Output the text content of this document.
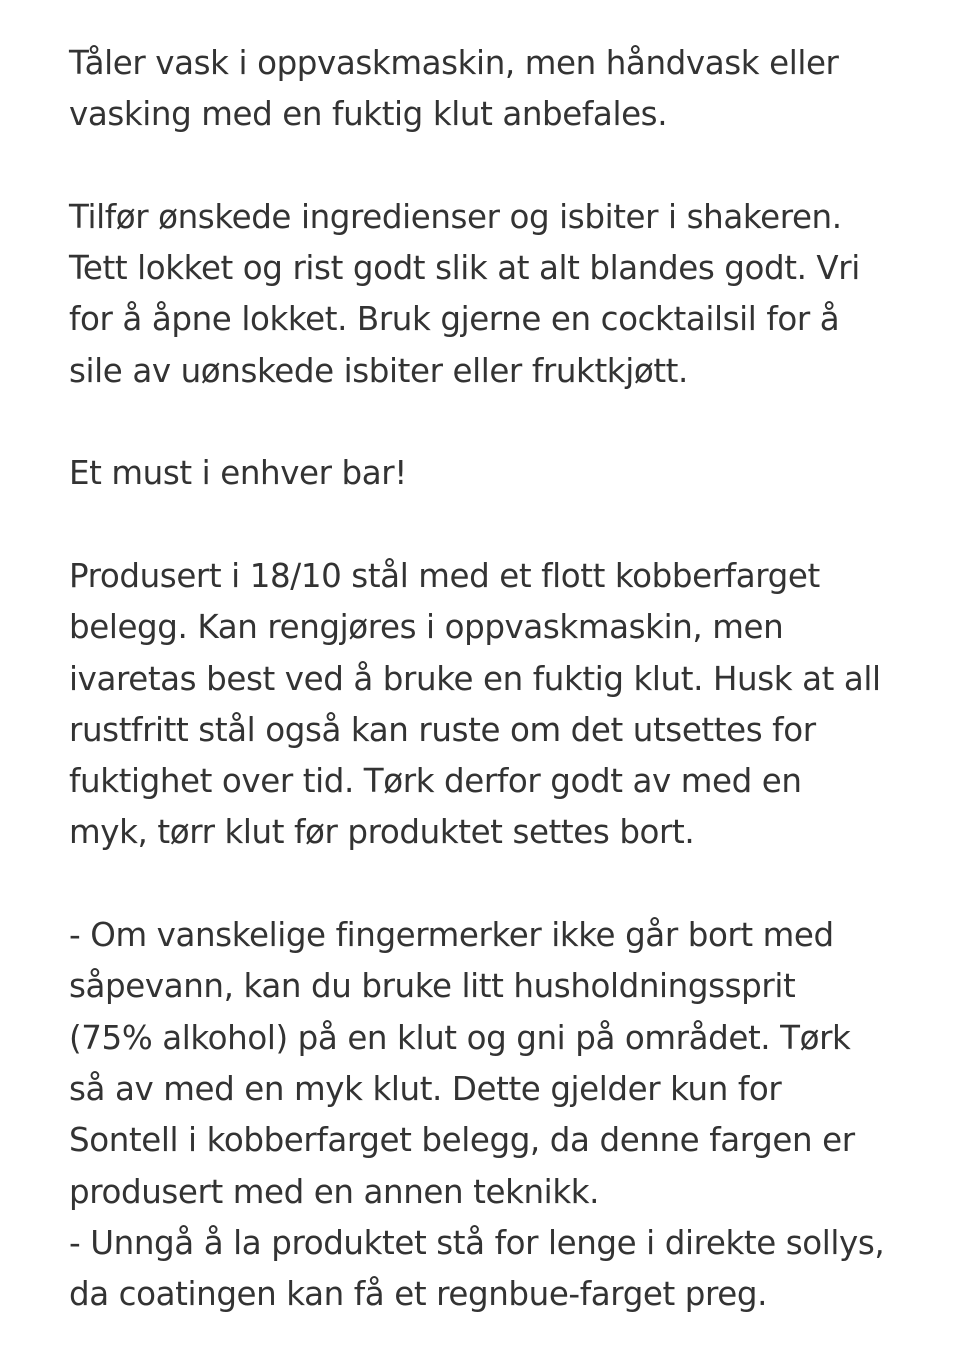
Tåler vask i oppvaskmaskin, men håndvask eller
vasking med en fuktig klut anbefales.

Tilfør ønskede ingredienser og isbiter i shakeren.
Tett lokket og rist godt slik at alt blandes godt. Vri
for å åpne lokket. Bruk gjerne en cocktailsil for å
sile av uønskede isbiter eller fruktkjøtt.

Et must i enhver bar!

Produsert i 18/10 stål med et flott kobberfarget
belegg. Kan rengjøres i oppvaskmaskin, men
ivaretas best ved å bruke en fuktig klut. Husk at all
rustfritt stål også kan ruste om det utsettes for
fuktighet over tid. Tørk derfor godt av med en
myk, tørr klut før produktet settes bort.

- Om vanskelige fingermerker ikke går bort med
såpevann, kan du bruke litt husholdningssprit
(75% alkohol) på en klut og gni på området. Tørk
så av med en myk klut. Dette gjelder kun for
Sontell i kobberfarget belegg, da denne fargen er
produsert med en annen teknikk.
- Unngå å la produktet stå for lenge i direkte sollys,
da coatingen kan få et regnbue-farget preg.
